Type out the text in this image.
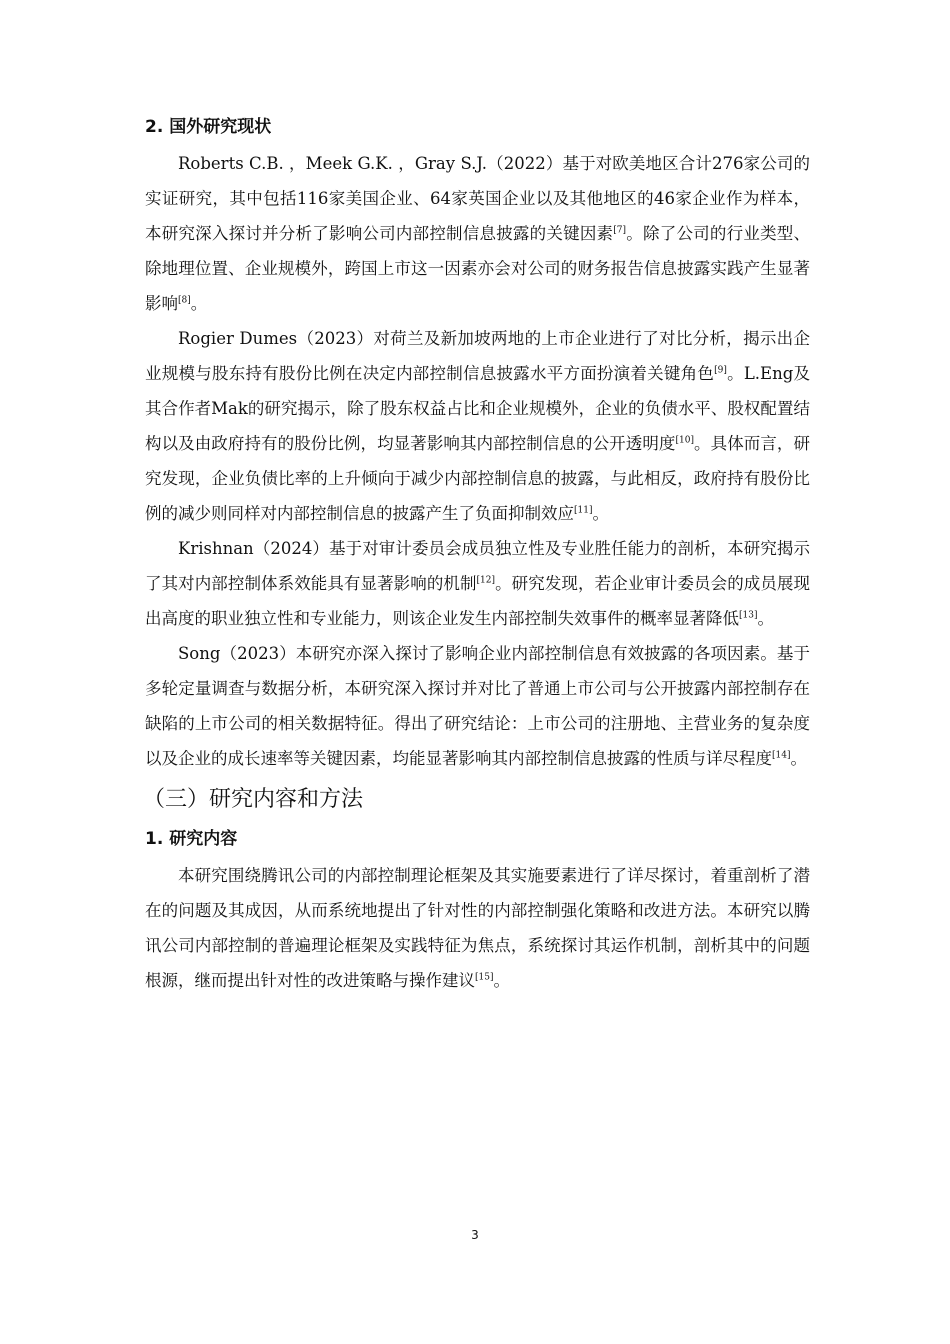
2. 国外研究现状

Roberts C.B. ，Meek G.K. ，Gray S.J.（2022）基于对欧美地区合计276家公司的实证研究，其中包括116家美国企业、64家英国企业以及其他地区的46家企业作为样本，本研究深入探讨并分析了影响公司内部控制信息披露的关键因素[7]。除了公司的行业类型、除地理位置、企业规模外，跨国上市这一因素亦会对公司的财务报告信息披露实践产生显著影响[8]。

Rogier Dumes（2023）对荷兰及新加坡两地的上市企业进行了对比分析，揭示出企业规模与股东持有股份比例在决定内部控制信息披露水平方面扮演着关键角色[9]。L.Eng及其合作者Mak的研究揭示，除了股东权益占比和企业规模外，企业的负债水平、股权配置结构以及由政府持有的股份比例，均显著影响其内部控制信息的公开透明度[10]。具体而言，研究发现，企业负债比率的上升倾向于减少内部控制信息的披露，与此相反，政府持有股份比例的减少则同样对内部控制信息的披露产生了负面抑制效应[11]。

Krishnan（2024）基于对审计委员会成员独立性及专业胜任能力的剖析，本研究揭示了其对内部控制体系效能具有显著影响的机制[12]。研究发现，若企业审计委员会的成员展现出高度的职业独立性和专业能力，则该企业发生内部控制失效事件的概率显著降低[13]。

Song（2023）本研究亦深入探讨了影响企业内部控制信息有效披露的各项因素。基于多轮定量调查与数据分析，本研究深入探讨并对比了普通上市公司与公开披露内部控制存在缺陷的上市公司的相关数据特征。得出了研究结论：上市公司的注册地、主营业务的复杂度以及企业的成长速率等关键因素，均能显著影响其内部控制信息披露的性质与详尽程度[14]。

（三）研究内容和方法
1. 研究内容

本研究围绕腾讯公司的内部控制理论框架及其实施要素进行了详尽探讨，着重剖析了潜在的问题及其成因，从而系统地提出了针对性的内部控制强化策略和改进方法。本研究以腾讯公司内部控制的普遍理论框架及实践特征为焦点，系统探讨其运作机制，剖析其中的问题根源，继而提出针对性的改进策略与操作建议[15]。

3
